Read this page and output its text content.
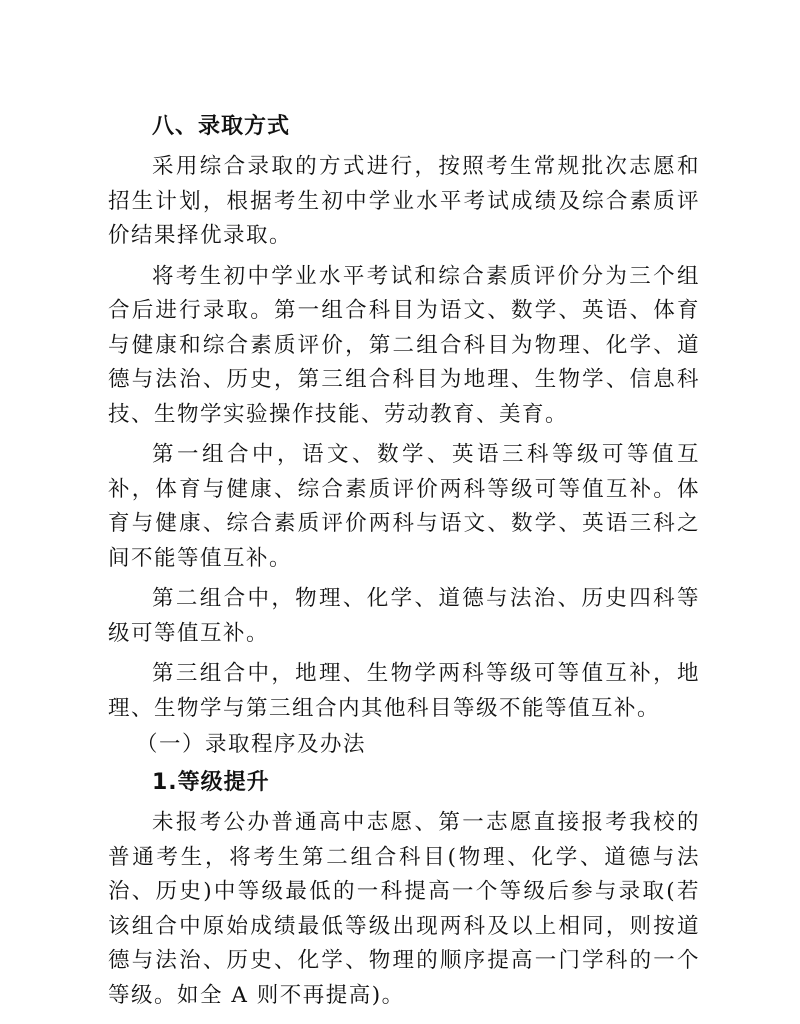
八、录取方式

采用综合录取的方式进行，按照考生常规批次志愿和招生计划，根据考生初中学业水平考试成绩及综合素质评价结果择优录取。

将考生初中学业水平考试和综合素质评价分为三个组合后进行录取。第一组合科目为语文、数学、英语、体育与健康和综合素质评价，第二组合科目为物理、化学、道德与法治、历史，第三组合科目为地理、生物学、信息科技、生物学实验操作技能、劳动教育、美育。

第一组合中，语文、数学、英语三科等级可等值互补，体育与健康、综合素质评价两科等级可等值互补。体育与健康、综合素质评价两科与语文、数学、英语三科之间不能等值互补。

第二组合中，物理、化学、道德与法治、历史四科等级可等值互补。

第三组合中，地理、生物学两科等级可等值互补，地理、生物学与第三组合内其他科目等级不能等值互补。

（一）录取程序及办法

1.等级提升

未报考公办普通高中志愿、第一志愿直接报考我校的普通考生，将考生第二组合科目(物理、化学、道德与法治、历史)中等级最低的一科提高一个等级后参与录取(若该组合中原始成绩最低等级出现两科及以上相同，则按道德与法治、历史、化学、物理的顺序提高一门学科的一个等级。如全 A 则不再提高)。
